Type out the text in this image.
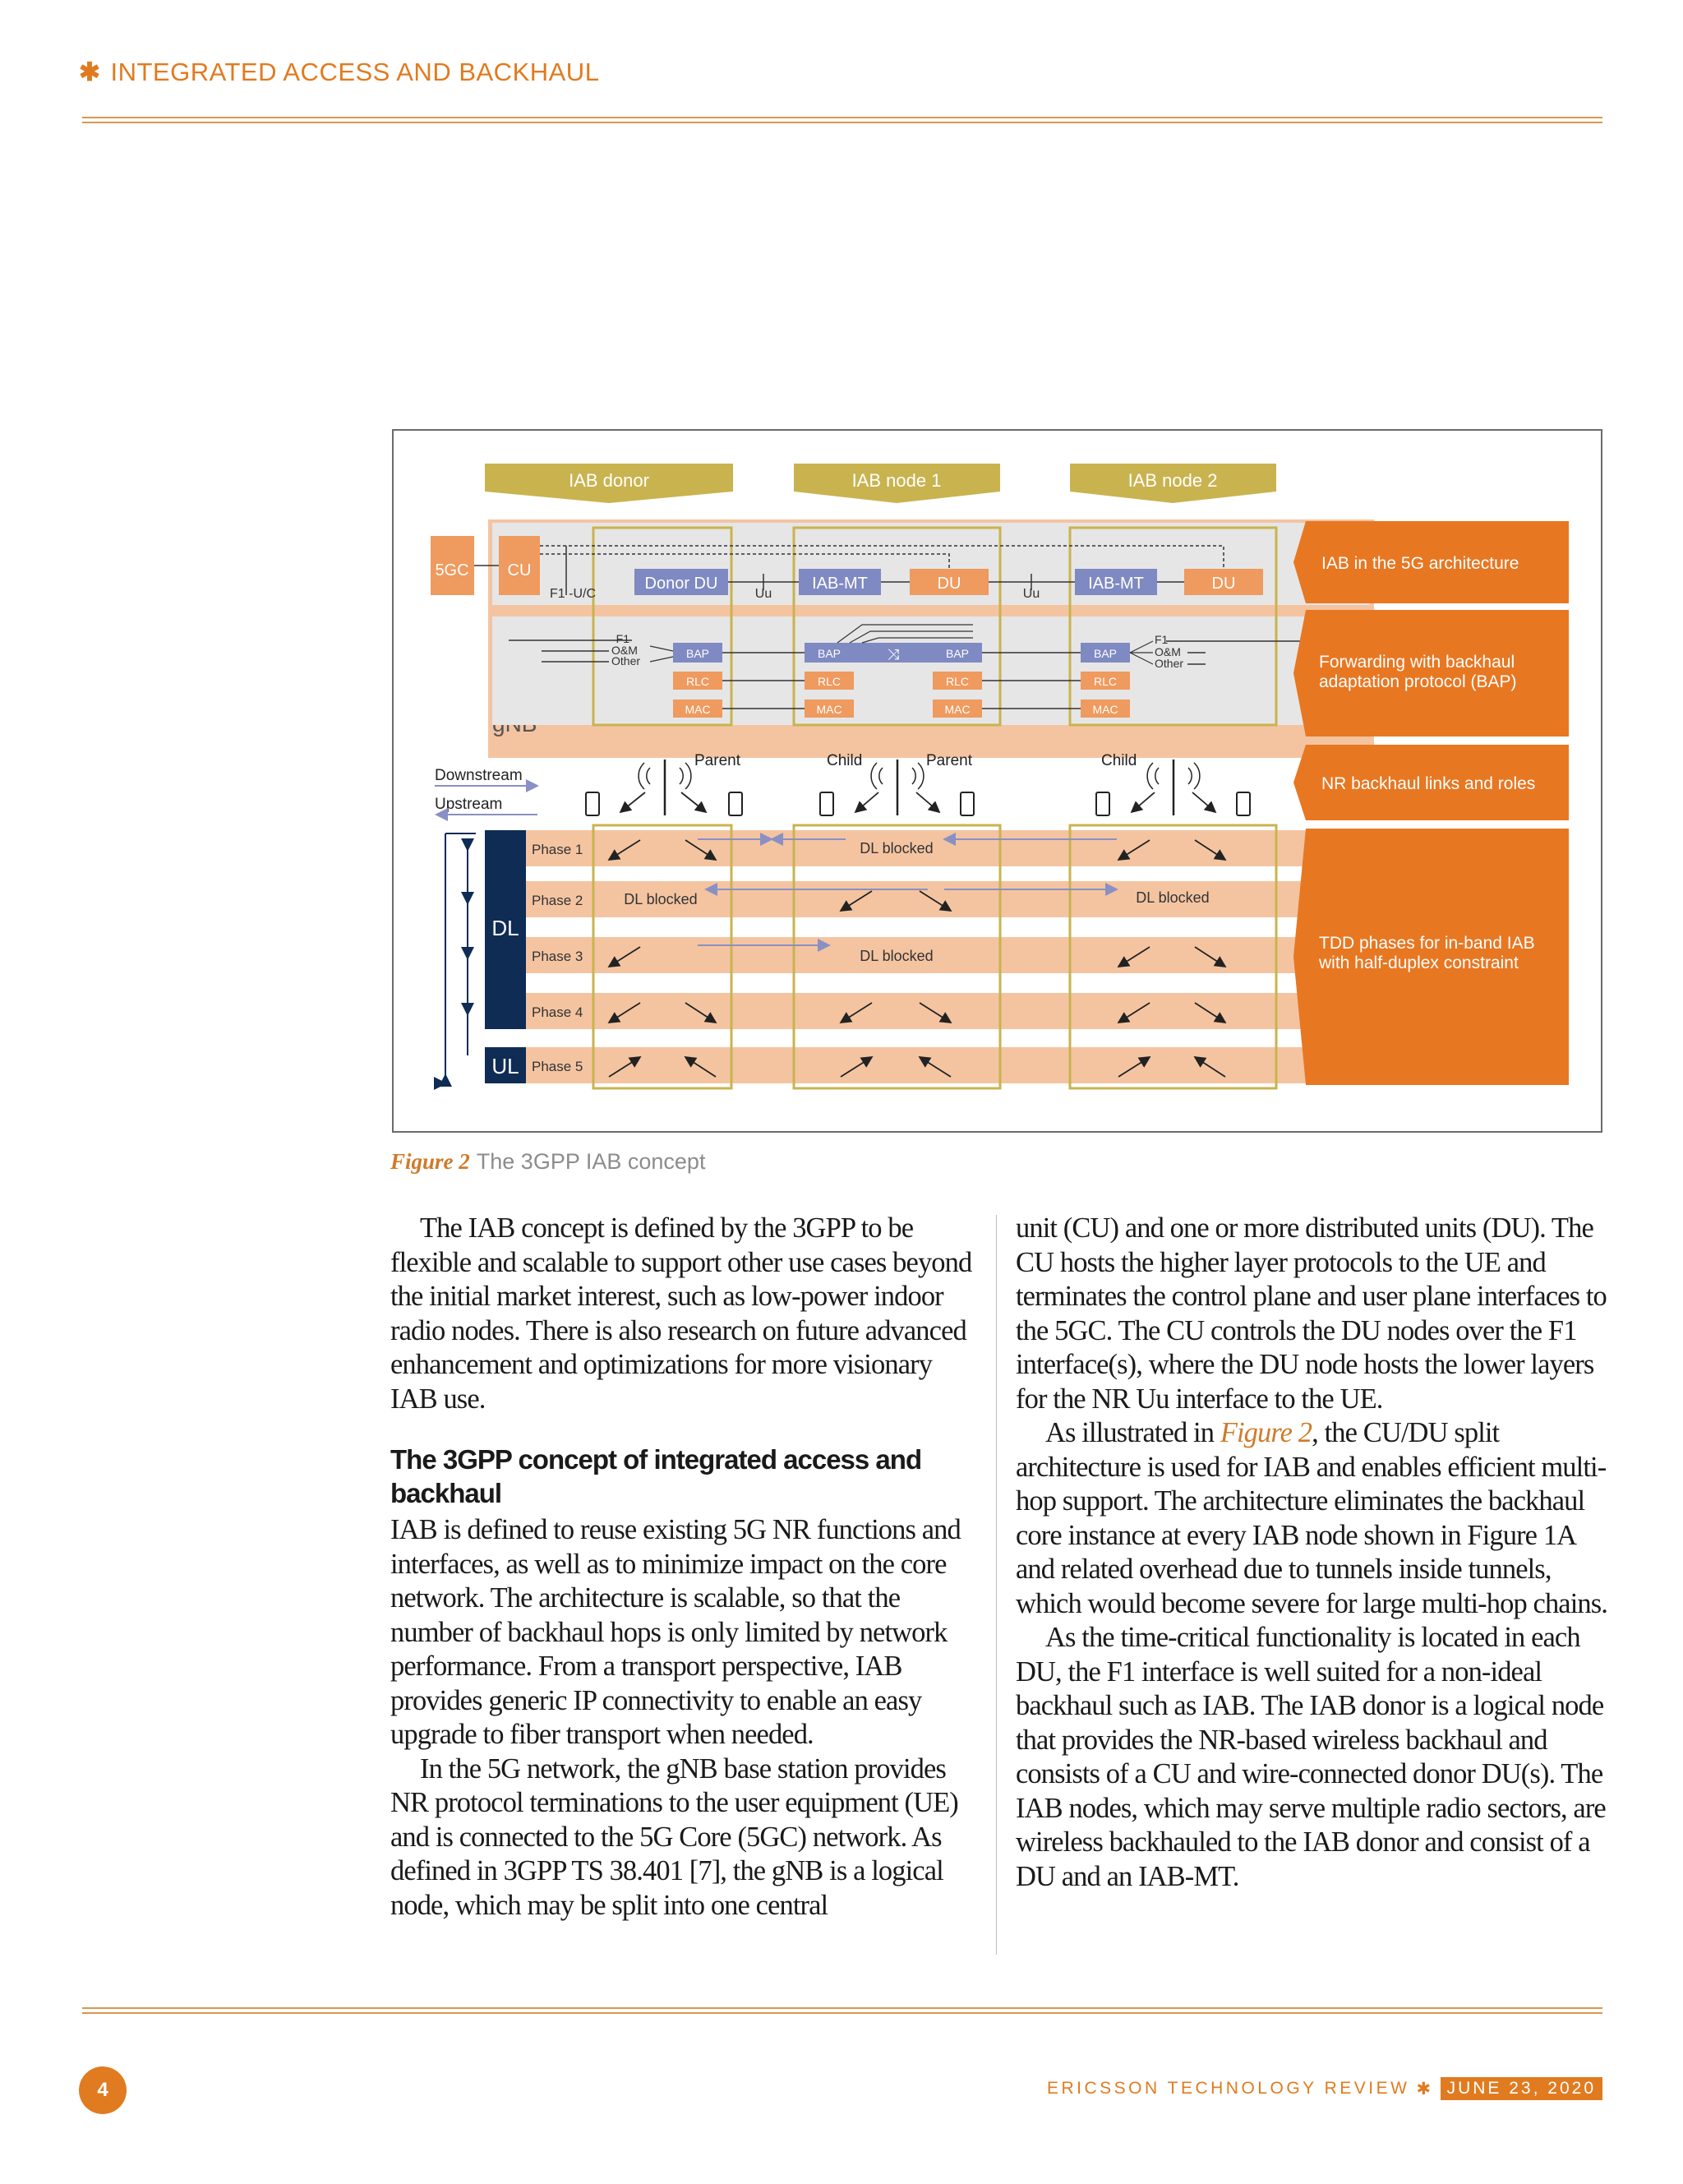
✱ INTEGRATED ACCESS AND BACKHAUL
IAB donor	IAB node 1	IAB node 2
5GC CU
F1 -U/C
Donor DU
Uu
IAB-MT	DU
Uu
IAB-MT	DU
F1
O&M
Other
BAP
RLC
MAC
BAP	BAP
⤨
RLC	RLC
MAC	MAC
BAP
RLC
MAC
F1
O&M
Other
Downstream
Upstream
Parent	Child	Parent	Child
DL
UL
Phase 1
Phase 2
Phase 3
Phase 4
Phase 5
DL blocked
DL blocked	DL blocked
DL blocked
IAB in the 5G architecture
Forwarding with backhaul adaptation protocol (BAP)
NR backhaul links and roles
TDD phases for in-band IAB with half-duplex constraint
Figure 2 The 3GPP IAB concept

The IAB concept is defined by the 3GPP to be flexible and scalable to support other use cases beyond the initial market interest, such as low-power indoor radio nodes. There is also research on future advanced enhancement and optimizations for more visionary IAB use.

The 3GPP concept of integrated access and backhaul

IAB is defined to reuse existing 5G NR functions and interfaces, as well as to minimize impact on the core network. The architecture is scalable, so that the number of backhaul hops is only limited by network performance. From a transport perspective, IAB provides generic IP connectivity to enable an easy upgrade to fiber transport when needed.

In the 5G network, the gNB base station provides NR protocol terminations to the user equipment (UE) and is connected to the 5G Core (5GC) network. As defined in 3GPP TS 38.401 [7], the gNB is a logical node, which may be split into one central

unit (CU) and one or more distributed units (DU). The CU hosts the higher layer protocols to the UE and terminates the control plane and user plane interfaces to the 5GC. The CU controls the DU nodes over the F1 interface(s), where the DU node hosts the lower layers for the NR Uu interface to the UE.

As illustrated in Figure 2, the CU/DU split architecture is used for IAB and enables efficient multi-hop support. The architecture eliminates the backhaul core instance at every IAB node shown in Figure 1A and related overhead due to tunnels inside tunnels, which would become severe for large multi-hop chains.

As the time-critical functionality is located in each DU, the F1 interface is well suited for a non-ideal backhaul such as IAB. The IAB donor is a logical node that provides the NR-based wireless backhaul and consists of a CU and wire-connected donor DU(s). The IAB nodes, which may serve multiple radio sectors, are wireless backhauled to the IAB donor and consist of a DU and an IAB-MT.

4	ERICSSON TECHNOLOGY REVIEW ✱ JUNE 23, 2020
